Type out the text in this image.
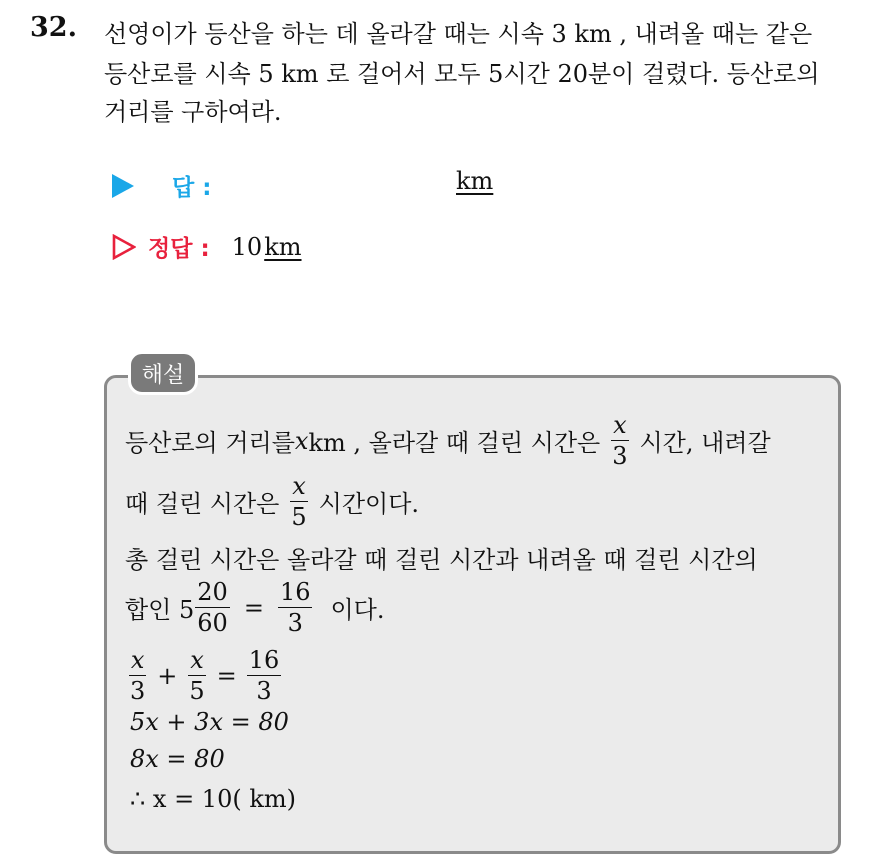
32. 선영이가 등산을 하는 데 올라갈 때는 시속 3 km , 내려올 때는 같은
등산로를 시속 5 km 로 걸어서 모두 5시간 20분이 걸렸다. 등산로의
거리를 구하여라.
답 :	km
정답 : 10 km
해설
등산로의 거리를 x km , 올라갈 때 걸린 시간은 $\frac{x}{3}$ 시간, 내려갈
때 걸린 시간은 $\frac{x}{5}$ 시간이다.
총 걸린 시간은 올라갈 때 걸린 시간과 내려올 때 걸린 시간의
합인 $5 \frac{20}{60} = \frac{16}{3}$ 이다.
$\frac{x}{3} + \frac{x}{5} = \frac{16}{3}$
5x + 3x = 80
8x = 80
∴ x = 10( km)
